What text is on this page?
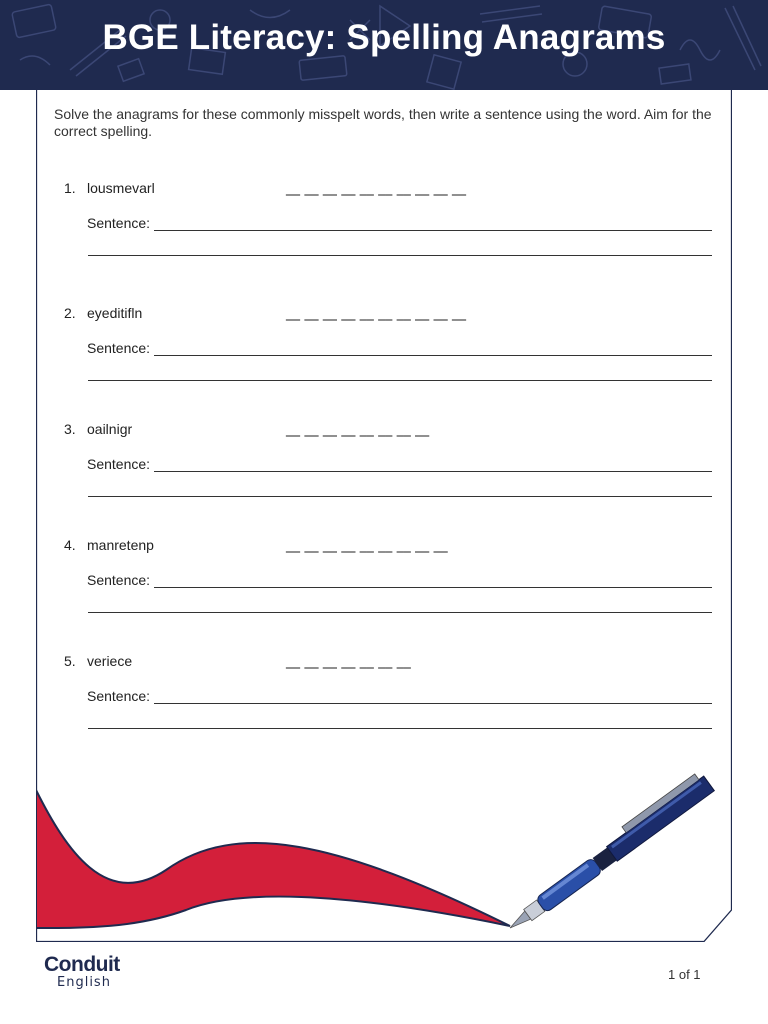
BGE Literacy: Spelling Anagrams
Solve the anagrams for these commonly misspelt words, then write a sentence using the word. Aim for the correct spelling.
1. lousmevarl	__ __ __ __ __ __ __ __ __ __
Sentence:
2. eyeditifln	__ __ __ __ __ __ __ __ __ __
Sentence:
3. oailnigr	__ __ __ __ __ __ __ __
Sentence:
4. manretenp	__ __ __ __ __ __ __ __ __
Sentence:
5. veriece	__ __ __ __ __ __ __
Sentence:
Conduit
English
1 of 1
